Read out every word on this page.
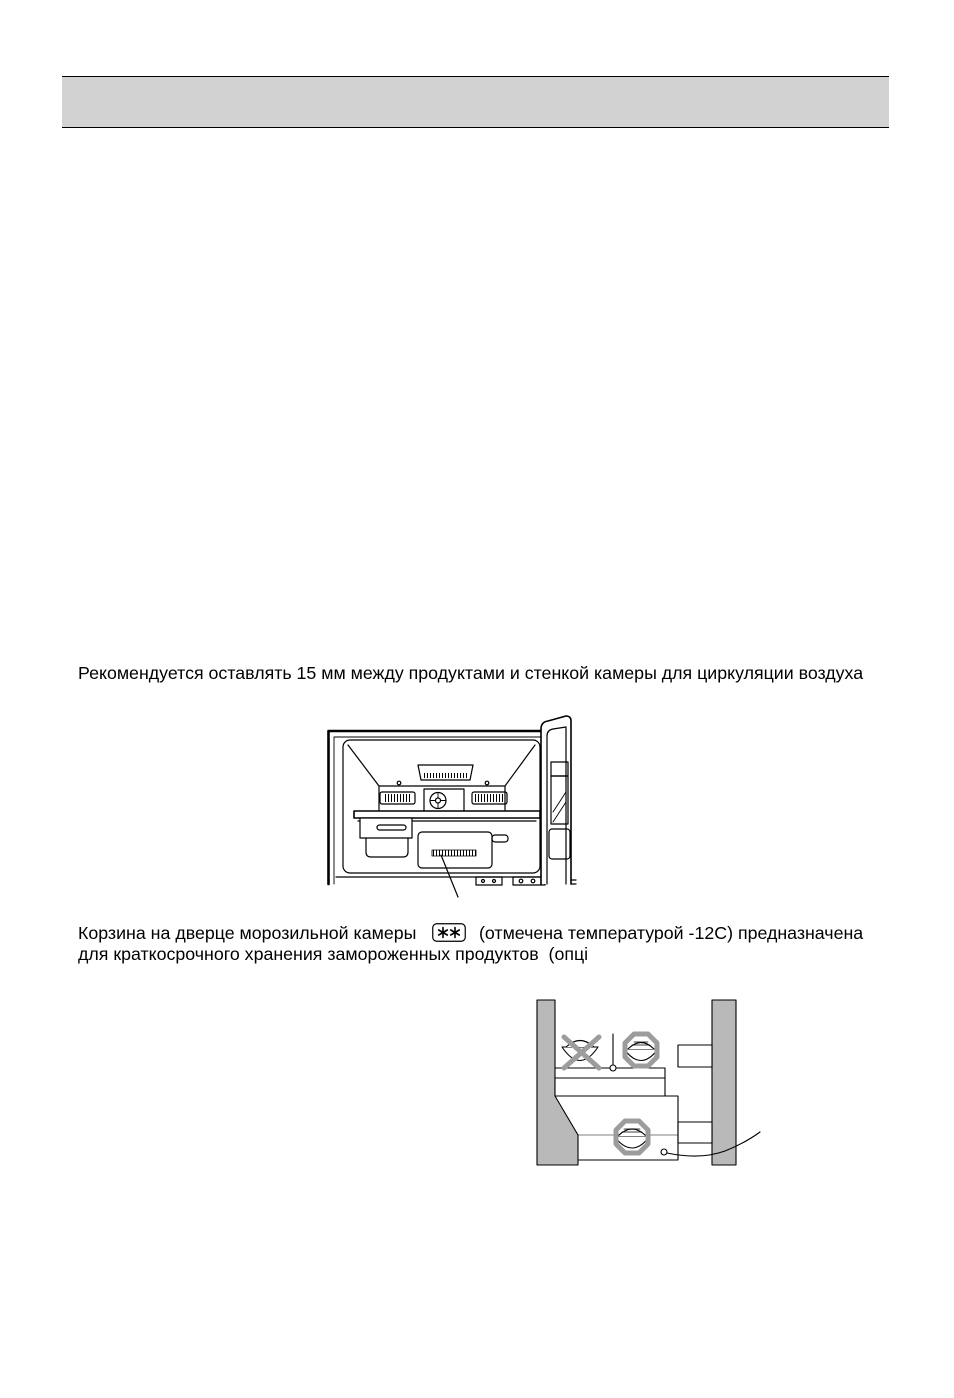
Рекомендуется оставлять 15 мм между продуктами и стенкой камеры для циркуляции воздуха
Корзина на дверце морозильной камеры	(отмечена температурой -12С) предназначена
для краткосрочного хранения замороженных продуктов  (опці
